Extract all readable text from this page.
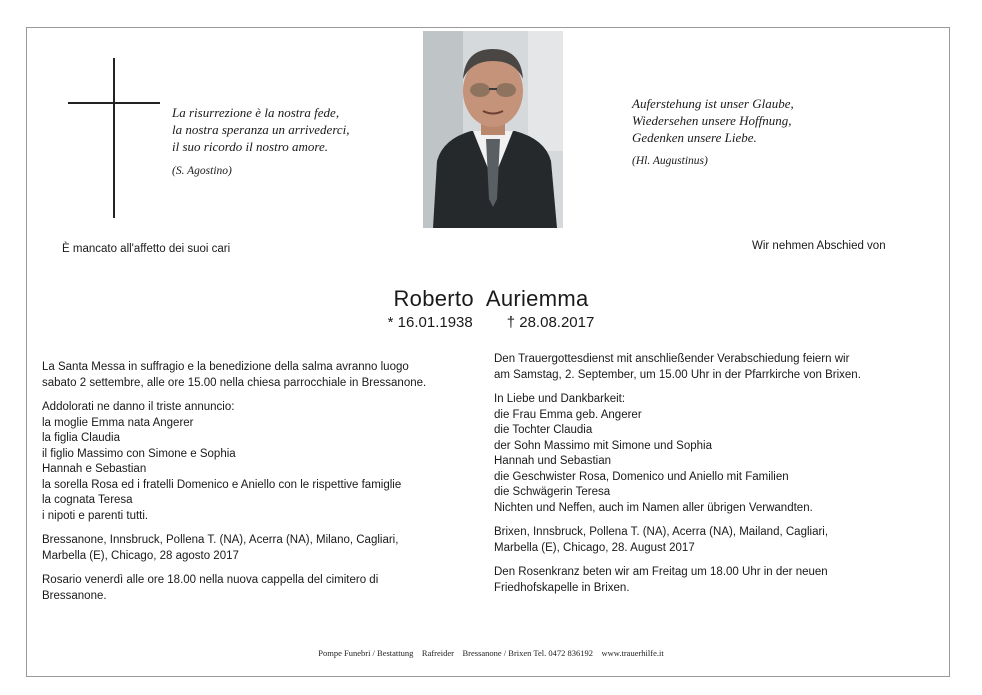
La risurrezione è la nostra fede,
la nostra speranza un arrivederci,
il suo ricordo il nostro amore.
(S. Agostino)
Auferstehung ist unser Glaube,
Wiedersehen unsere Hoffnung,
Gedenken unsere Liebe.
(Hl. Augustinus)
È mancato all'affetto dei suoi cari	Wir nehmen Abschied von
Roberto Auriemma
* 16.01.1938 † 28.08.2017
La Santa Messa in suffragio e la benedizione della salma avranno luogo
sabato 2 settembre, alle ore 15.00 nella chiesa parrocchiale in Bressanone.
Addolorati ne danno il triste annuncio:
la moglie Emma nata Angerer
la figlia Claudia
il figlio Massimo con Simone e Sophia
Hannah e Sebastian
la sorella Rosa ed i fratelli Domenico e Aniello con le rispettive famiglie
la cognata Teresa
i nipoti e parenti tutti.
Bressanone, Innsbruck, Pollena T. (NA), Acerra (NA), Milano, Cagliari,
Marbella (E), Chicago, 28 agosto 2017
Rosario venerdì alle ore 18.00 nella nuova cappella del cimitero di
Bressanone.
Den Trauergottesdienst mit anschließender Verabschiedung feiern wir
am Samstag, 2. September, um 15.00 Uhr in der Pfarrkirche von Brixen.
In Liebe und Dankbarkeit:
die Frau Emma geb. Angerer
die Tochter Claudia
der Sohn Massimo mit Simone und Sophia
Hannah und Sebastian
die Geschwister Rosa, Domenico und Aniello mit Familien
die Schwägerin Teresa
Nichten und Neffen, auch im Namen aller übrigen Verwandten.
Brixen, Innsbruck, Pollena T. (NA), Acerra (NA), Mailand, Cagliari,
Marbella (E), Chicago, 28. August 2017
Den Rosenkranz beten wir am Freitag um 18.00 Uhr in der neuen
Friedhofskapelle in Brixen.
Pompe Funebri / Bestattung    Rafreider    Bressanone / Brixen Tel. 0472 836192    www.trauerhilfe.it
